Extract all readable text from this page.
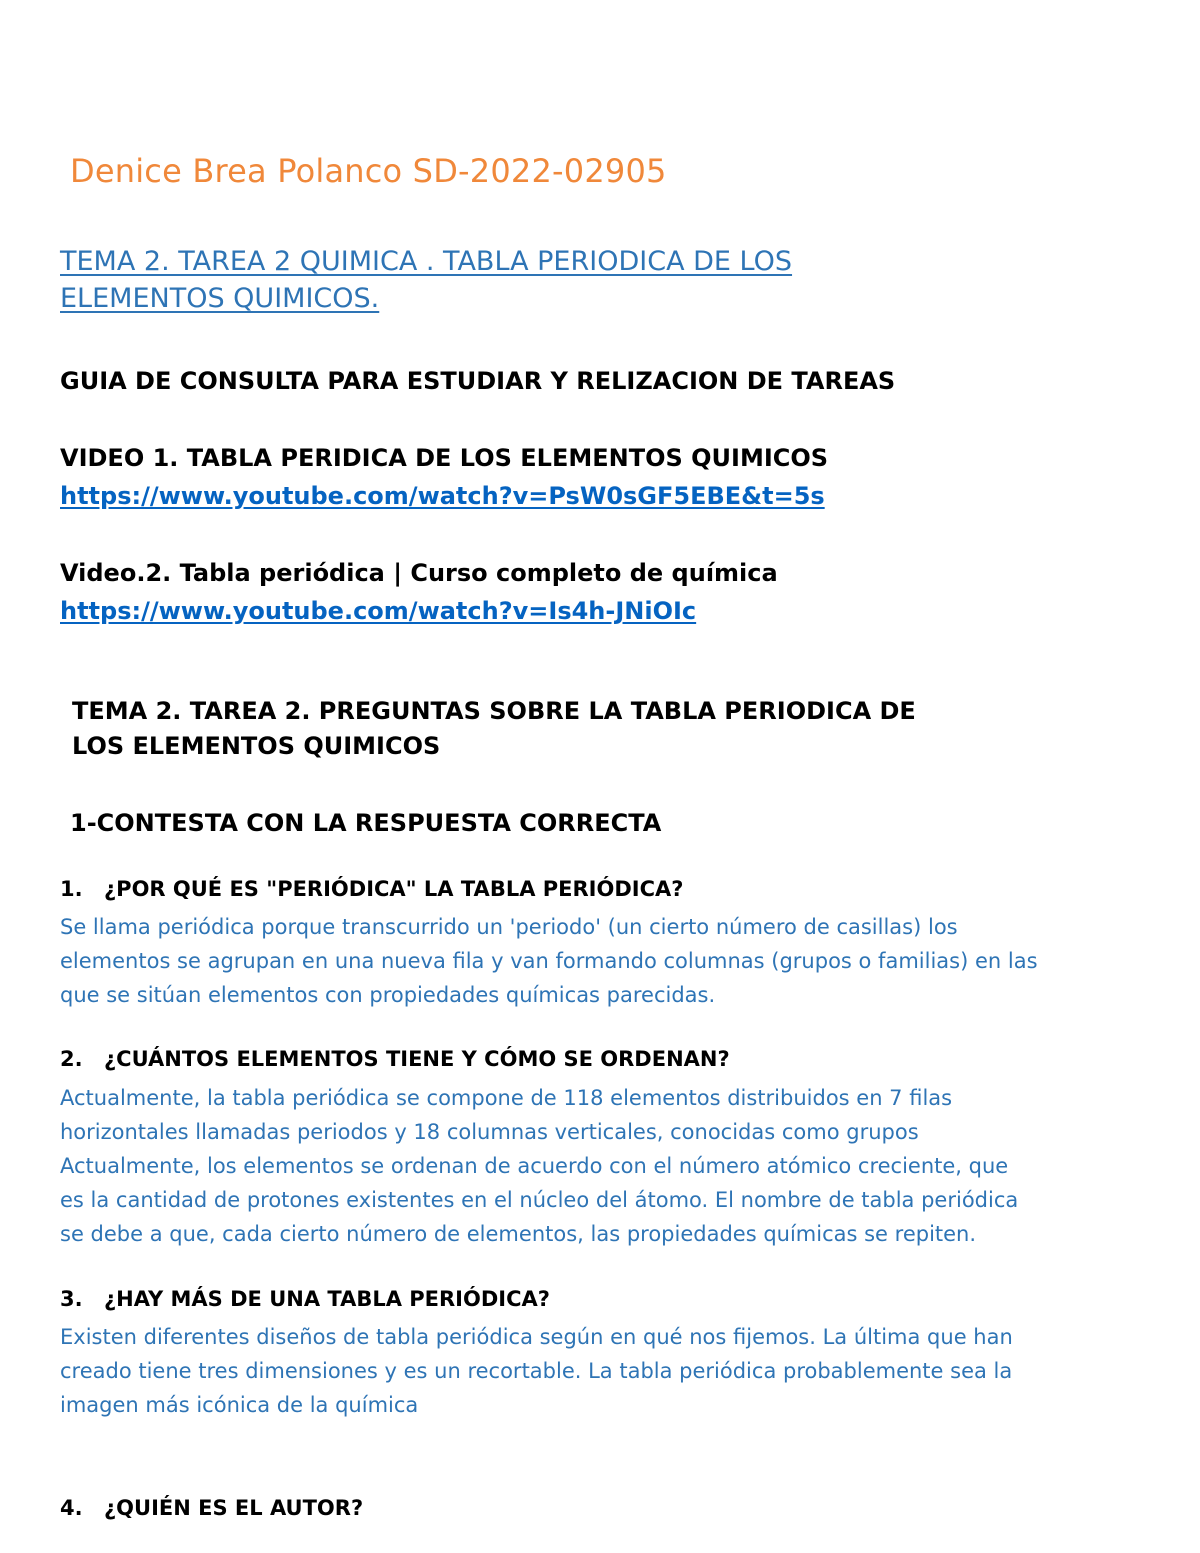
Denice Brea Polanco SD-2022-02905
TEMA 2. TAREA 2 QUIMICA . TABLA PERIODICA DE LOS
ELEMENTOS QUIMICOS.
GUIA DE CONSULTA PARA ESTUDIAR Y RELIZACION DE TAREAS
VIDEO 1. TABLA PERIDICA DE LOS ELEMENTOS QUIMICOS
https://www.youtube.com/watch?v=PsW0sGF5EBE&t=5s
Video.2. Tabla periódica | Curso completo de química
https://www.youtube.com/watch?v=Is4h-JNiOIc
TEMA 2. TAREA 2. PREGUNTAS SOBRE LA TABLA PERIODICA DE
LOS ELEMENTOS QUIMICOS
1-CONTESTA CON LA RESPUESTA CORRECTA
1. ¿POR QUÉ ES "PERIÓDICA" LA TABLA PERIÓDICA?
Se llama periódica porque transcurrido un 'periodo' (un cierto número de casillas) los
elementos se agrupan en una nueva fila y van formando columnas (grupos o familias) en las
que se sitúan elementos con propiedades químicas parecidas.
2. ¿CUÁNTOS ELEMENTOS TIENE Y CÓMO SE ORDENAN?
Actualmente, la tabla periódica se compone de 118 elementos distribuidos en 7 filas
horizontales llamadas periodos y 18 columnas verticales, conocidas como grupos
Actualmente, los elementos se ordenan de acuerdo con el número atómico creciente, que
es la cantidad de protones existentes en el núcleo del átomo. El nombre de tabla periódica
se debe a que, cada cierto número de elementos, las propiedades químicas se repiten.
3. ¿HAY MÁS DE UNA TABLA PERIÓDICA?
Existen diferentes diseños de tabla periódica según en qué nos fijemos. La última que han
creado tiene tres dimensiones y es un recortable. La tabla periódica probablemente sea la
imagen más icónica de la química
4. ¿QUIÉN ES EL AUTOR?
